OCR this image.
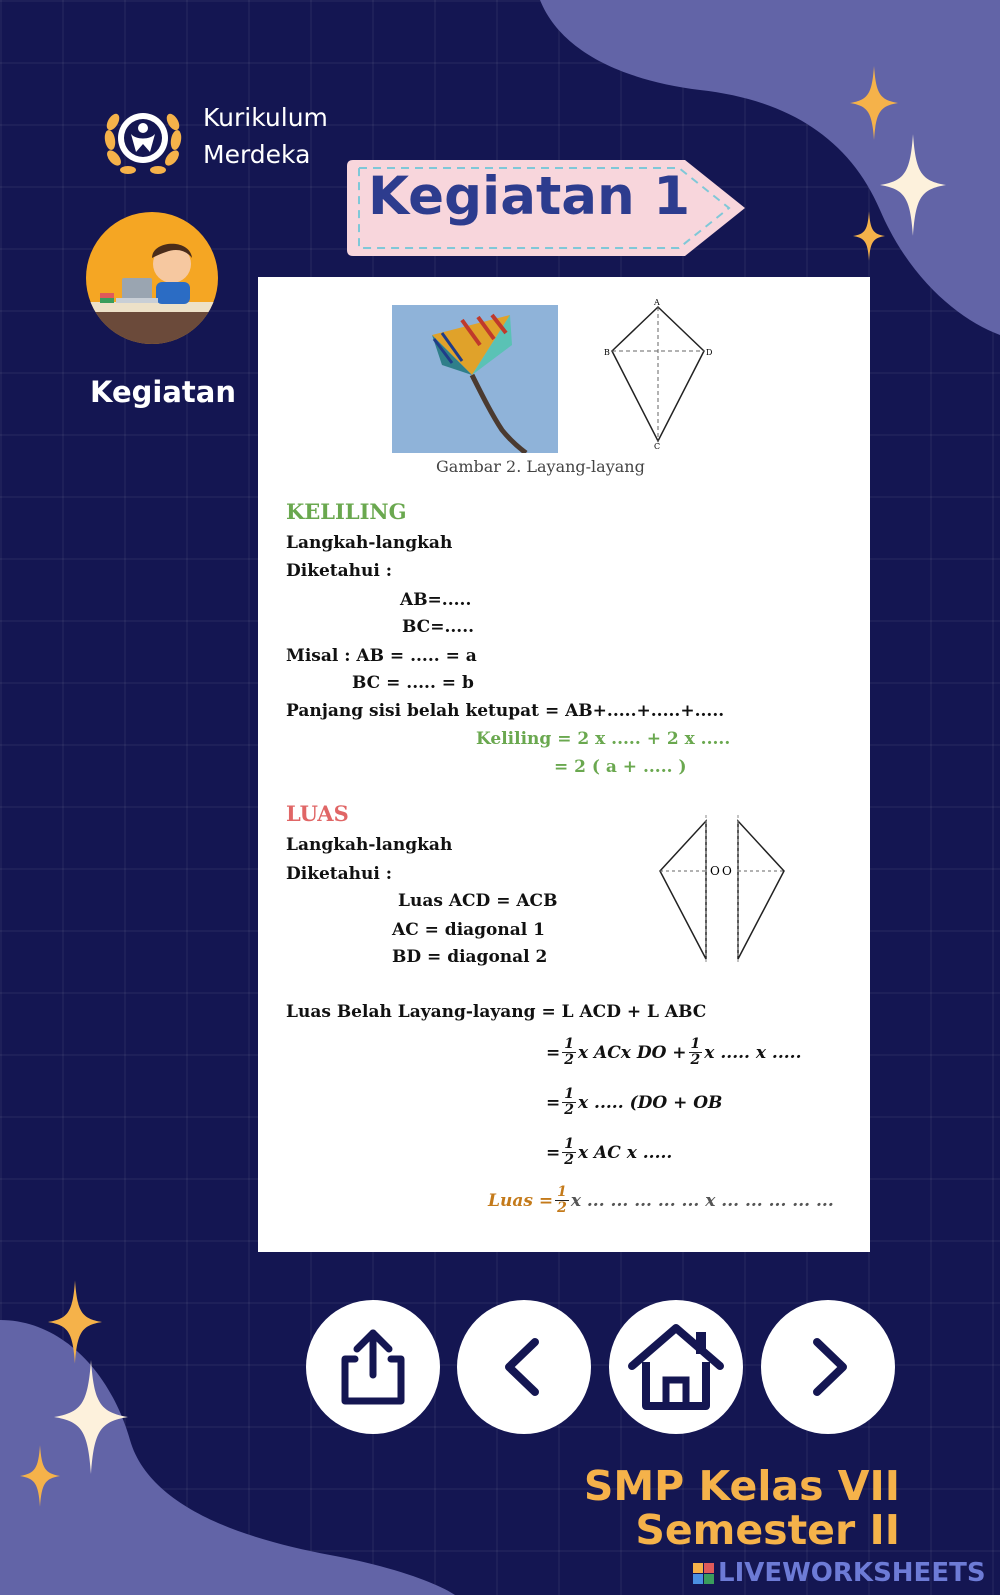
Kurikulum
Merdeka
Kegiatan
Kegiatan 1
A
B	D
C
Gambar 2. Layang-layang
KELILING
Langkah-langkah
Diketahui :
AB=.....
BC=.....
Misal : AB = ..... = a
BC = ..... = b
Panjang sisi belah ketupat = AB+.....+.....+.....
Keliling = 2 x ..... + 2 x .....
= 2 ( a + ..... )
LUAS
Langkah-langkah
Diketahui :
Luas ACD = ACB
AC = diagonal 1
BD = diagonal 2
O O
Luas Belah Layang-layang = L ACD + L ABC
= $\frac{1}{2}$ x ACx DO + $\frac{1}{2}$ x ..... x .....
= $\frac{1}{2}$ x ..... (DO + OB
= $\frac{1}{2}$ x AC x .....
Luas = $\frac{1}{2}$ x ... ... ... ... ... x ... ... ... ... ...
SMP Kelas VII
Semester II
LIVEWORKSHEETS
